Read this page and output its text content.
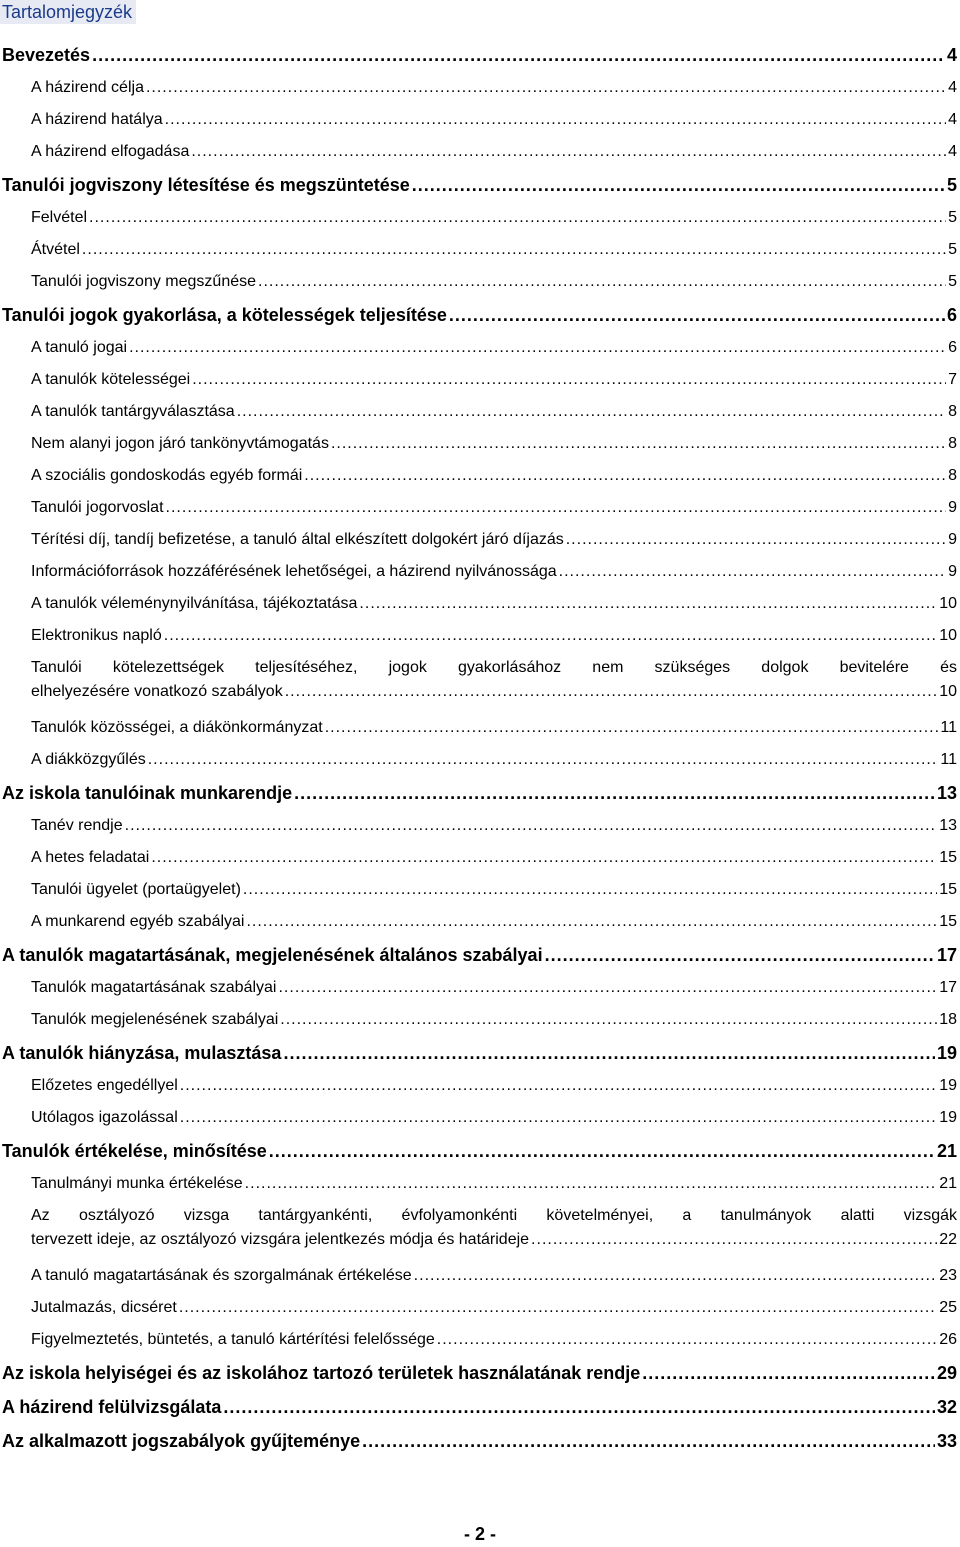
Tartalomjegyzék
Bevezetés .....	4
A házirend célja .....	4
A házirend hatálya .....	4
A házirend elfogadása .....	4
Tanulói jogviszony létesítése és megszüntetése .....	5
Felvétel .....	5
Átvétel .....	5
Tanulói jogviszony megszűnése .....	5
Tanulói jogok gyakorlása, a kötelességek teljesítése .....	6
A tanuló jogai .....	6
A tanulók kötelességei .....	7
A tanulók tantárgyválasztása .....	8
Nem alanyi jogon járó tankönyvtámogatás .....	8
A szociális gondoskodás egyéb formái .....	8
Tanulói jogorvoslat .....	9
Térítési díj, tandíj befizetése, a tanuló által elkészített dolgokért járó díjazás .....	9
Információforrások hozzáférésének lehetőségei, a házirend nyilvánossága .....	9
A tanulók véleménynyilvánítása, tájékoztatása .....	10
Elektronikus napló .....	10
Tanulói kötelezettségek teljesítéséhez, jogok gyakorlásához nem szükséges dolgok bevitelére és
elhelyezésére vonatkozó szabályok .....	10
Tanulók közösségei, a diákönkormányzat .....	11
A diákközgyűlés .....	11
Az iskola tanulóinak munkarendje .....	13
Tanév rendje .....	13
A hetes feladatai .....	15
Tanulói ügyelet (portaügyelet) .....	15
A munkarend egyéb szabályai .....	15
A tanulók magatartásának, megjelenésének általános szabályai .....	17
Tanulók magatartásának szabályai .....	17
Tanulók megjelenésének szabályai .....	18
A tanulók hiányzása, mulasztása .....	19
Előzetes engedéllyel .....	19
Utólagos igazolással .....	19
Tanulók értékelése, minősítése .....	21
Tanulmányi munka értékelése .....	21
Az osztályozó vizsga tantárgyankénti, évfolyamonkénti követelményei, a tanulmányok alatti vizsgák
tervezett ideje, az osztályozó vizsgára jelentkezés módja és határideje .....	22
A tanuló magatartásának és szorgalmának értékelése .....	23
Jutalmazás, dicséret .....	25
Figyelmeztetés, büntetés, a tanuló kártérítési felelőssége .....	26
Az iskola helyiségei és az iskolához tartozó területek használatának rendje .....	29
A házirend felülvizsgálata .....	32
Az alkalmazott jogszabályok gyűjteménye .....	33
- 2 -
